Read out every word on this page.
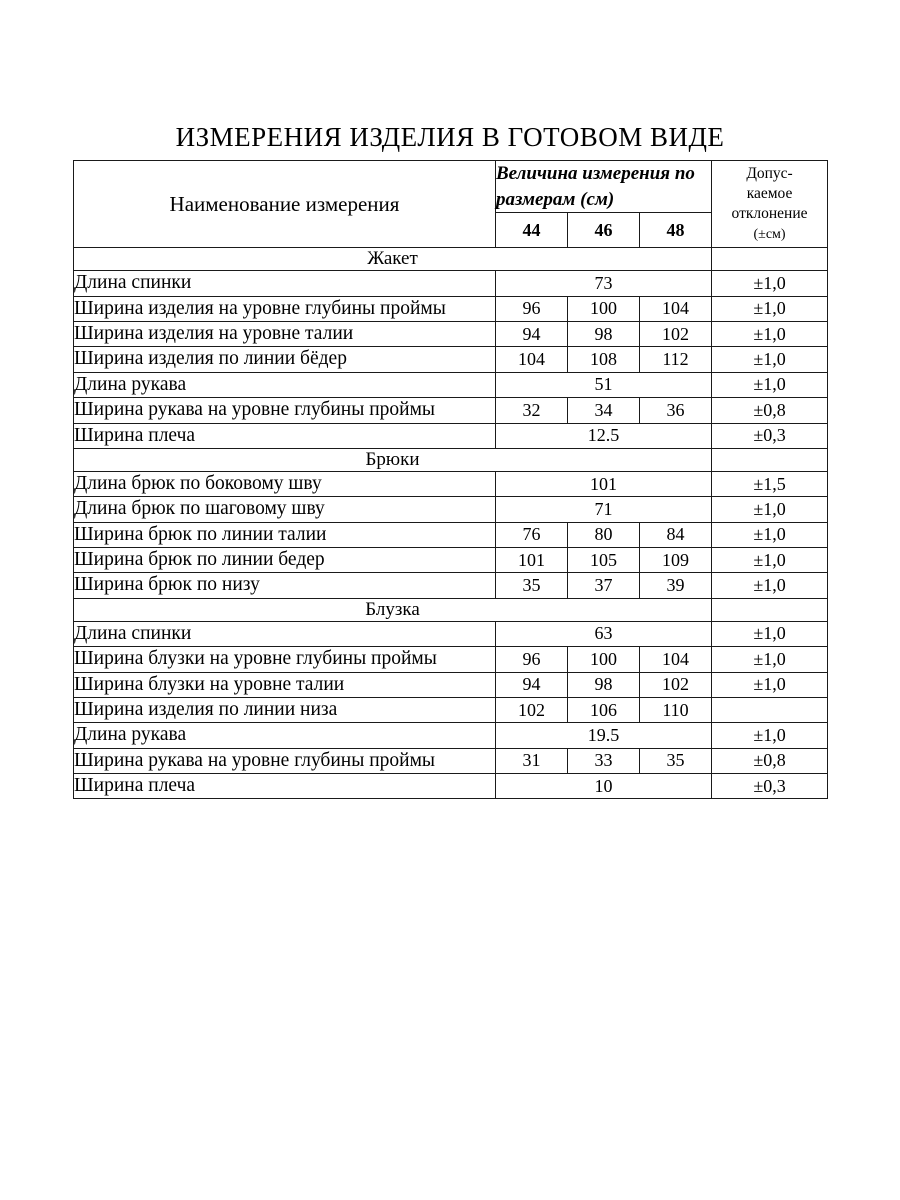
ИЗМЕРЕНИЯ ИЗДЕЛИЯ В ГОТОВОМ ВИДЕ
Наименование измерения	Величина измерения по размерам (см)			Допус-
каемое
отклонение
(±см)
	44	46	48	
Жакет				
Длина спинки	73			±1,0
Ширина изделия на уровне глубины проймы	96	100	104	±1,0
Ширина изделия на уровне талии	94	98	102	±1,0
Ширина изделия по линии бёдер	104	108	112	±1,0
Длина рукава	51			±1,0
Ширина рукава на уровне глубины проймы	32	34	36	±0,8
Ширина плеча	12.5			±0,3
Брюки				
Длина брюк по боковому шву	101			±1,5
Длина брюк по шаговому шву	71			±1,0
Ширина брюк по линии талии	76	80	84	±1,0
Ширина брюк по линии бедер	101	105	109	±1,0
Ширина брюк по низу	35	37	39	±1,0
Блузка				
Длина спинки	63			±1,0
Ширина блузки на уровне глубины проймы	96	100	104	±1,0
Ширина блузки на уровне талии	94	98	102	±1,0
Ширина изделия по линии низа	102	106	110	
Длина рукава	19.5			±1,0
Ширина рукава на уровне глубины проймы	31	33	35	±0,8
Ширина плеча	10			±0,3
